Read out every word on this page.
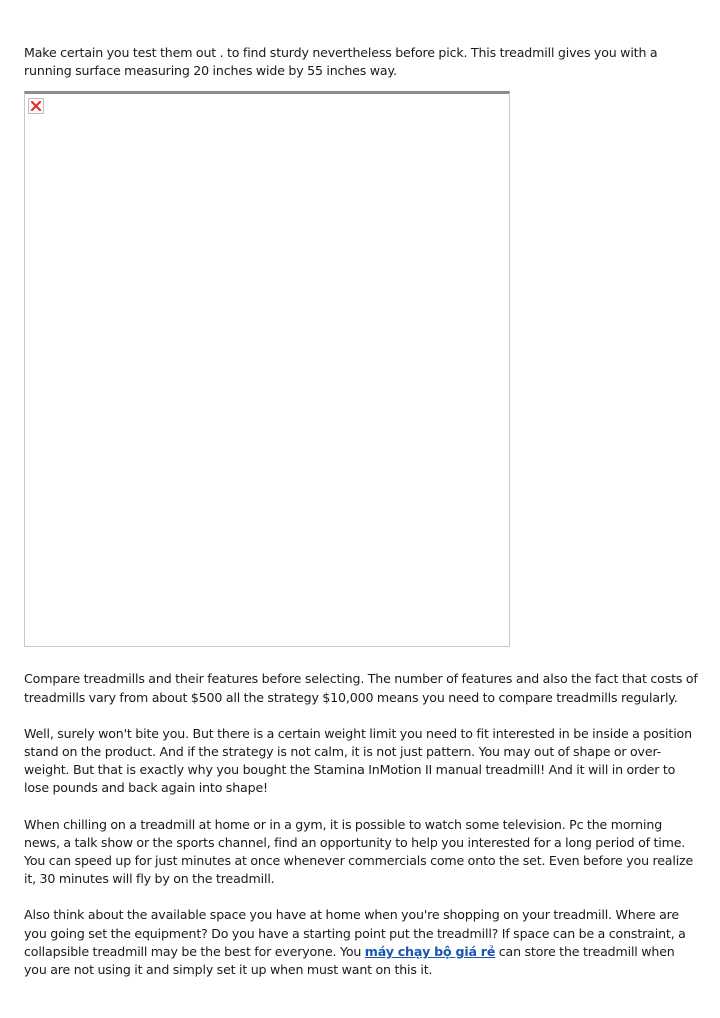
Make certain you test them out . to find sturdy nevertheless before pick. This treadmill gives you with a running surface measuring 20 inches wide by 55 inches way.

Compare treadmills and their features before selecting. The number of features and also the fact that costs of treadmills vary from about $500 all the strategy $10,000 means you need to compare treadmills regularly.

Well, surely won't bite you. But there is a certain weight limit you need to fit interested in be inside a position stand on the product. And if the strategy is not calm, it is not just pattern. You may out of shape or over-weight. But that is exactly why you bought the Stamina InMotion II manual treadmill! And it will in order to lose pounds and back again into shape!

When chilling on a treadmill at home or in a gym, it is possible to watch some television. Pc the morning news, a talk show or the sports channel, find an opportunity to help you interested for a long period of time. You can speed up for just minutes at once whenever commercials come onto the set. Even before you realize it, 30 minutes will fly by on the treadmill.

Also think about the available space you have at home when you're shopping on your treadmill. Where are you going set the equipment? Do you have a starting point put the treadmill? If space can be a constraint, a collapsible treadmill may be the best for everyone. You máy chạy bộ giá rẻ can store the treadmill when you are not using it and simply set it up when must want on this it.
